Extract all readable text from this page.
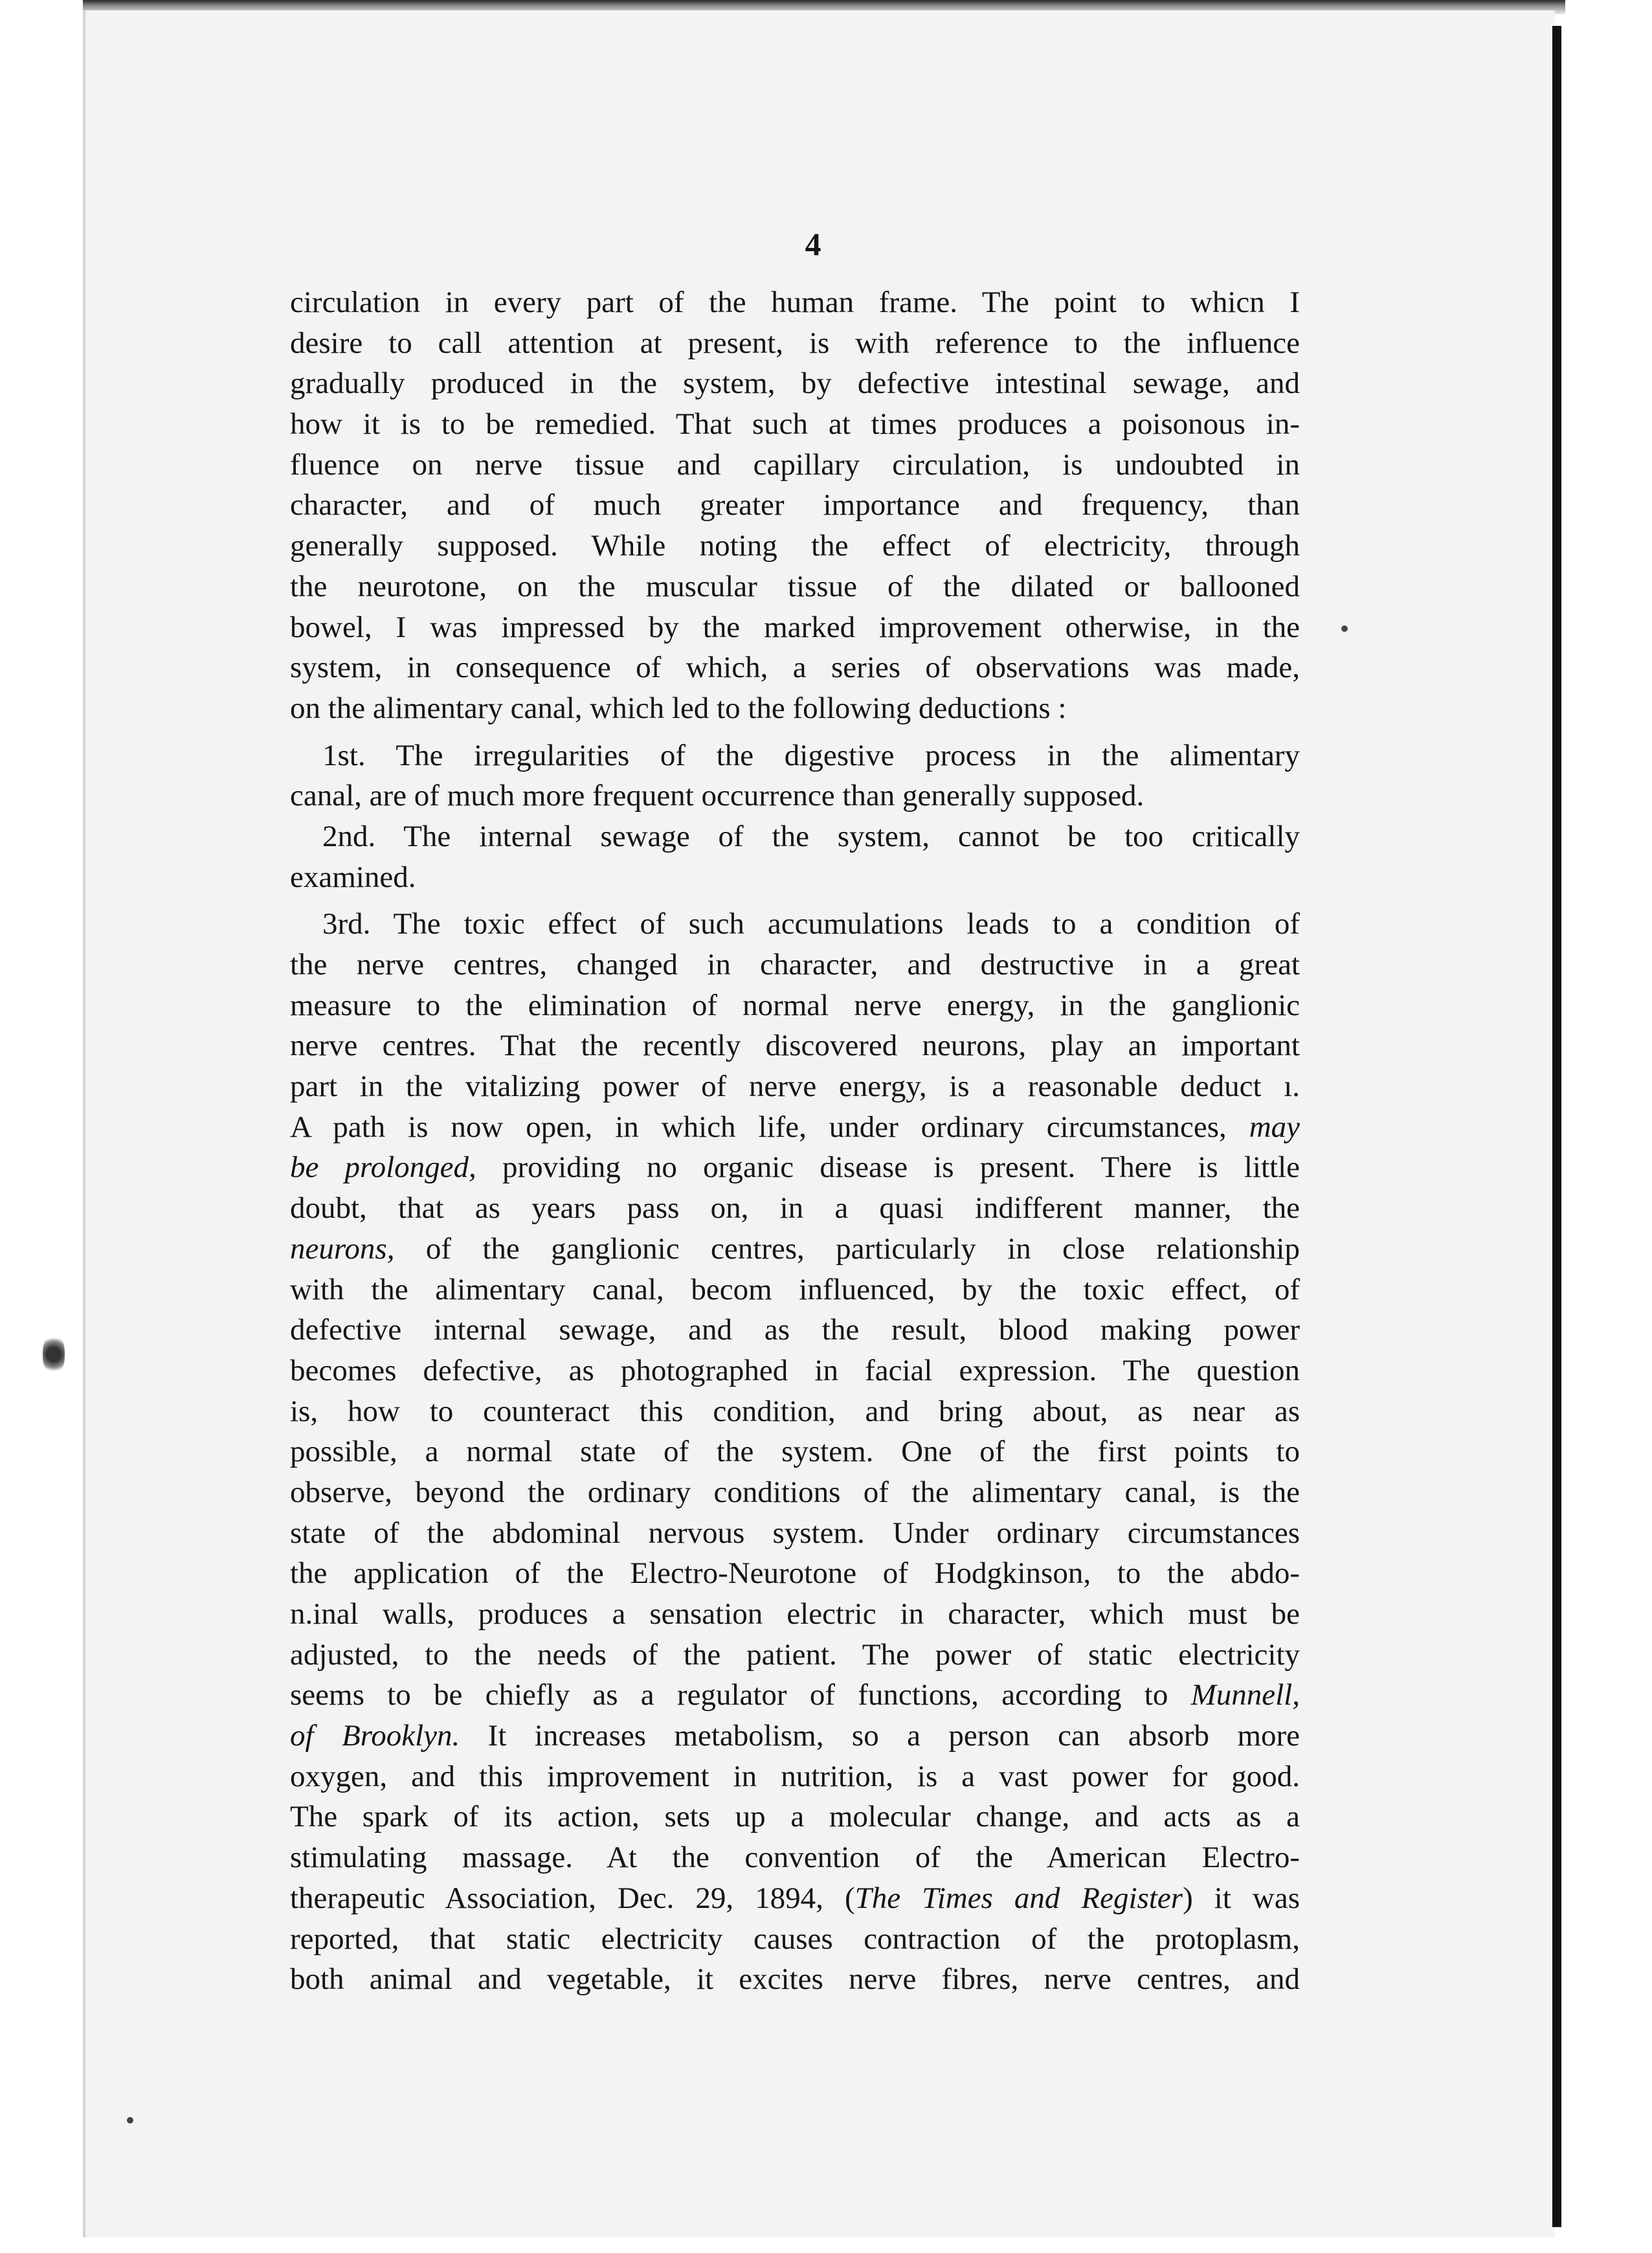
4
circulation in every part of the human frame. The point to whicn I
desire to call attention at present, is with reference to the influence
gradually produced in the system, by defective intestinal sewage, and
how it is to be remedied. That such at times produces a poisonous in-
fluence on nerve tissue and capillary circulation, is undoubted in
character, and of much greater importance and frequency, than
generally supposed. While noting the effect of electricity, through
the neurotone, on the muscular tissue of the dilated or ballooned
bowel, I was impressed by the marked improvement otherwise, in the
system, in consequence of which, a series of observations was made,
on the alimentary canal, which led to the following deductions :
1st. The irregularities of the digestive process in the alimentary
canal, are of much more frequent occurrence than generally supposed.
2nd. The internal sewage of the system, cannot be too critically
examined.
3rd. The toxic effect of such accumulations leads to a condition of
the nerve centres, changed in character, and destructive in a great
measure to the elimination of normal nerve energy, in the ganglionic
nerve centres. That the recently discovered neurons, play an important
part in the vitalizing power of nerve energy, is a reasonable deduct ı.
A path is now open, in which life, under ordinary circumstances, may
be prolonged, providing no organic disease is present. There is little
doubt, that as years pass on, in a quasi indifferent manner, the
neurons, of the ganglionic centres, particularly in close relationship
with the alimentary canal, becom influenced, by the toxic effect, of
defective internal sewage, and as the result, blood making power
becomes defective, as photographed in facial expression. The question
is, how to counteract this condition, and bring about, as near as
possible, a normal state of the system. One of the first points to
observe, beyond the ordinary conditions of the alimentary canal, is the
state of the abdominal nervous system. Under ordinary circumstances
the application of the Electro-Neurotone of Hodgkinson, to the abdo-
n.inal walls, produces a sensation electric in character, which must be
adjusted, to the needs of the patient. The power of static electricity
seems to be chiefly as a regulator of functions, according to Munnell,
of Brooklyn. It increases metabolism, so a person can absorb more
oxygen, and this improvement in nutrition, is a vast power for good.
The spark of its action, sets up a molecular change, and acts as a
stimulating massage. At the convention of the American Electro-
therapeutic Association, Dec. 29, 1894, (The Times and Register) it was
reported, that static electricity causes contraction of the protoplasm,
both animal and vegetable, it excites nerve fibres, nerve centres, and
